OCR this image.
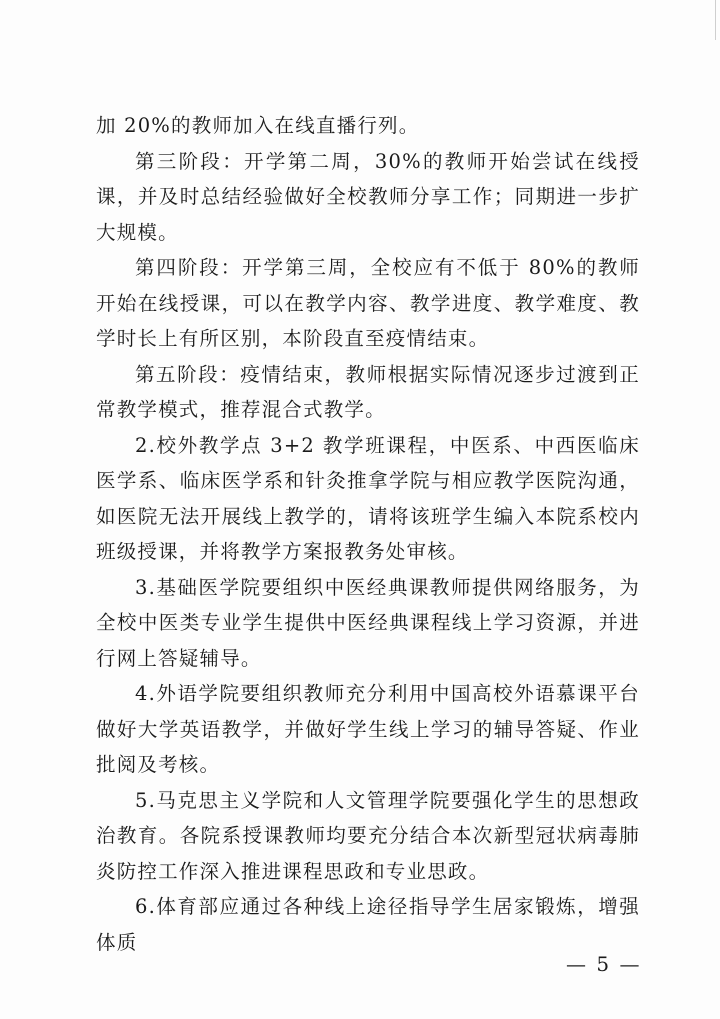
加 20%的教师加入在线直播行列。

第三阶段：开学第二周，30%的教师开始尝试在线授课，并及时总结经验做好全校教师分享工作；同期进一步扩大规模。

第四阶段：开学第三周，全校应有不低于 80%的教师开始在线授课，可以在教学内容、教学进度、教学难度、教学时长上有所区别，本阶段直至疫情结束。

第五阶段：疫情结束，教师根据实际情况逐步过渡到正常教学模式，推荐混合式教学。

2.校外教学点 3+2 教学班课程，中医系、中西医临床医学系、临床医学系和针灸推拿学院与相应教学医院沟通，如医院无法开展线上教学的，请将该班学生编入本院系校内班级授课，并将教学方案报教务处审核。

3.基础医学院要组织中医经典课教师提供网络服务，为全校中医类专业学生提供中医经典课程线上学习资源，并进行网上答疑辅导。

4.外语学院要组织教师充分利用中国高校外语慕课平台做好大学英语教学，并做好学生线上学习的辅导答疑、作业批阅及考核。

5.马克思主义学院和人文管理学院要强化学生的思想政治教育。各院系授课教师均要充分结合本次新型冠状病毒肺炎防控工作深入推进课程思政和专业思政。

6.体育部应通过各种线上途径指导学生居家锻炼，增强体质

— 5 —
